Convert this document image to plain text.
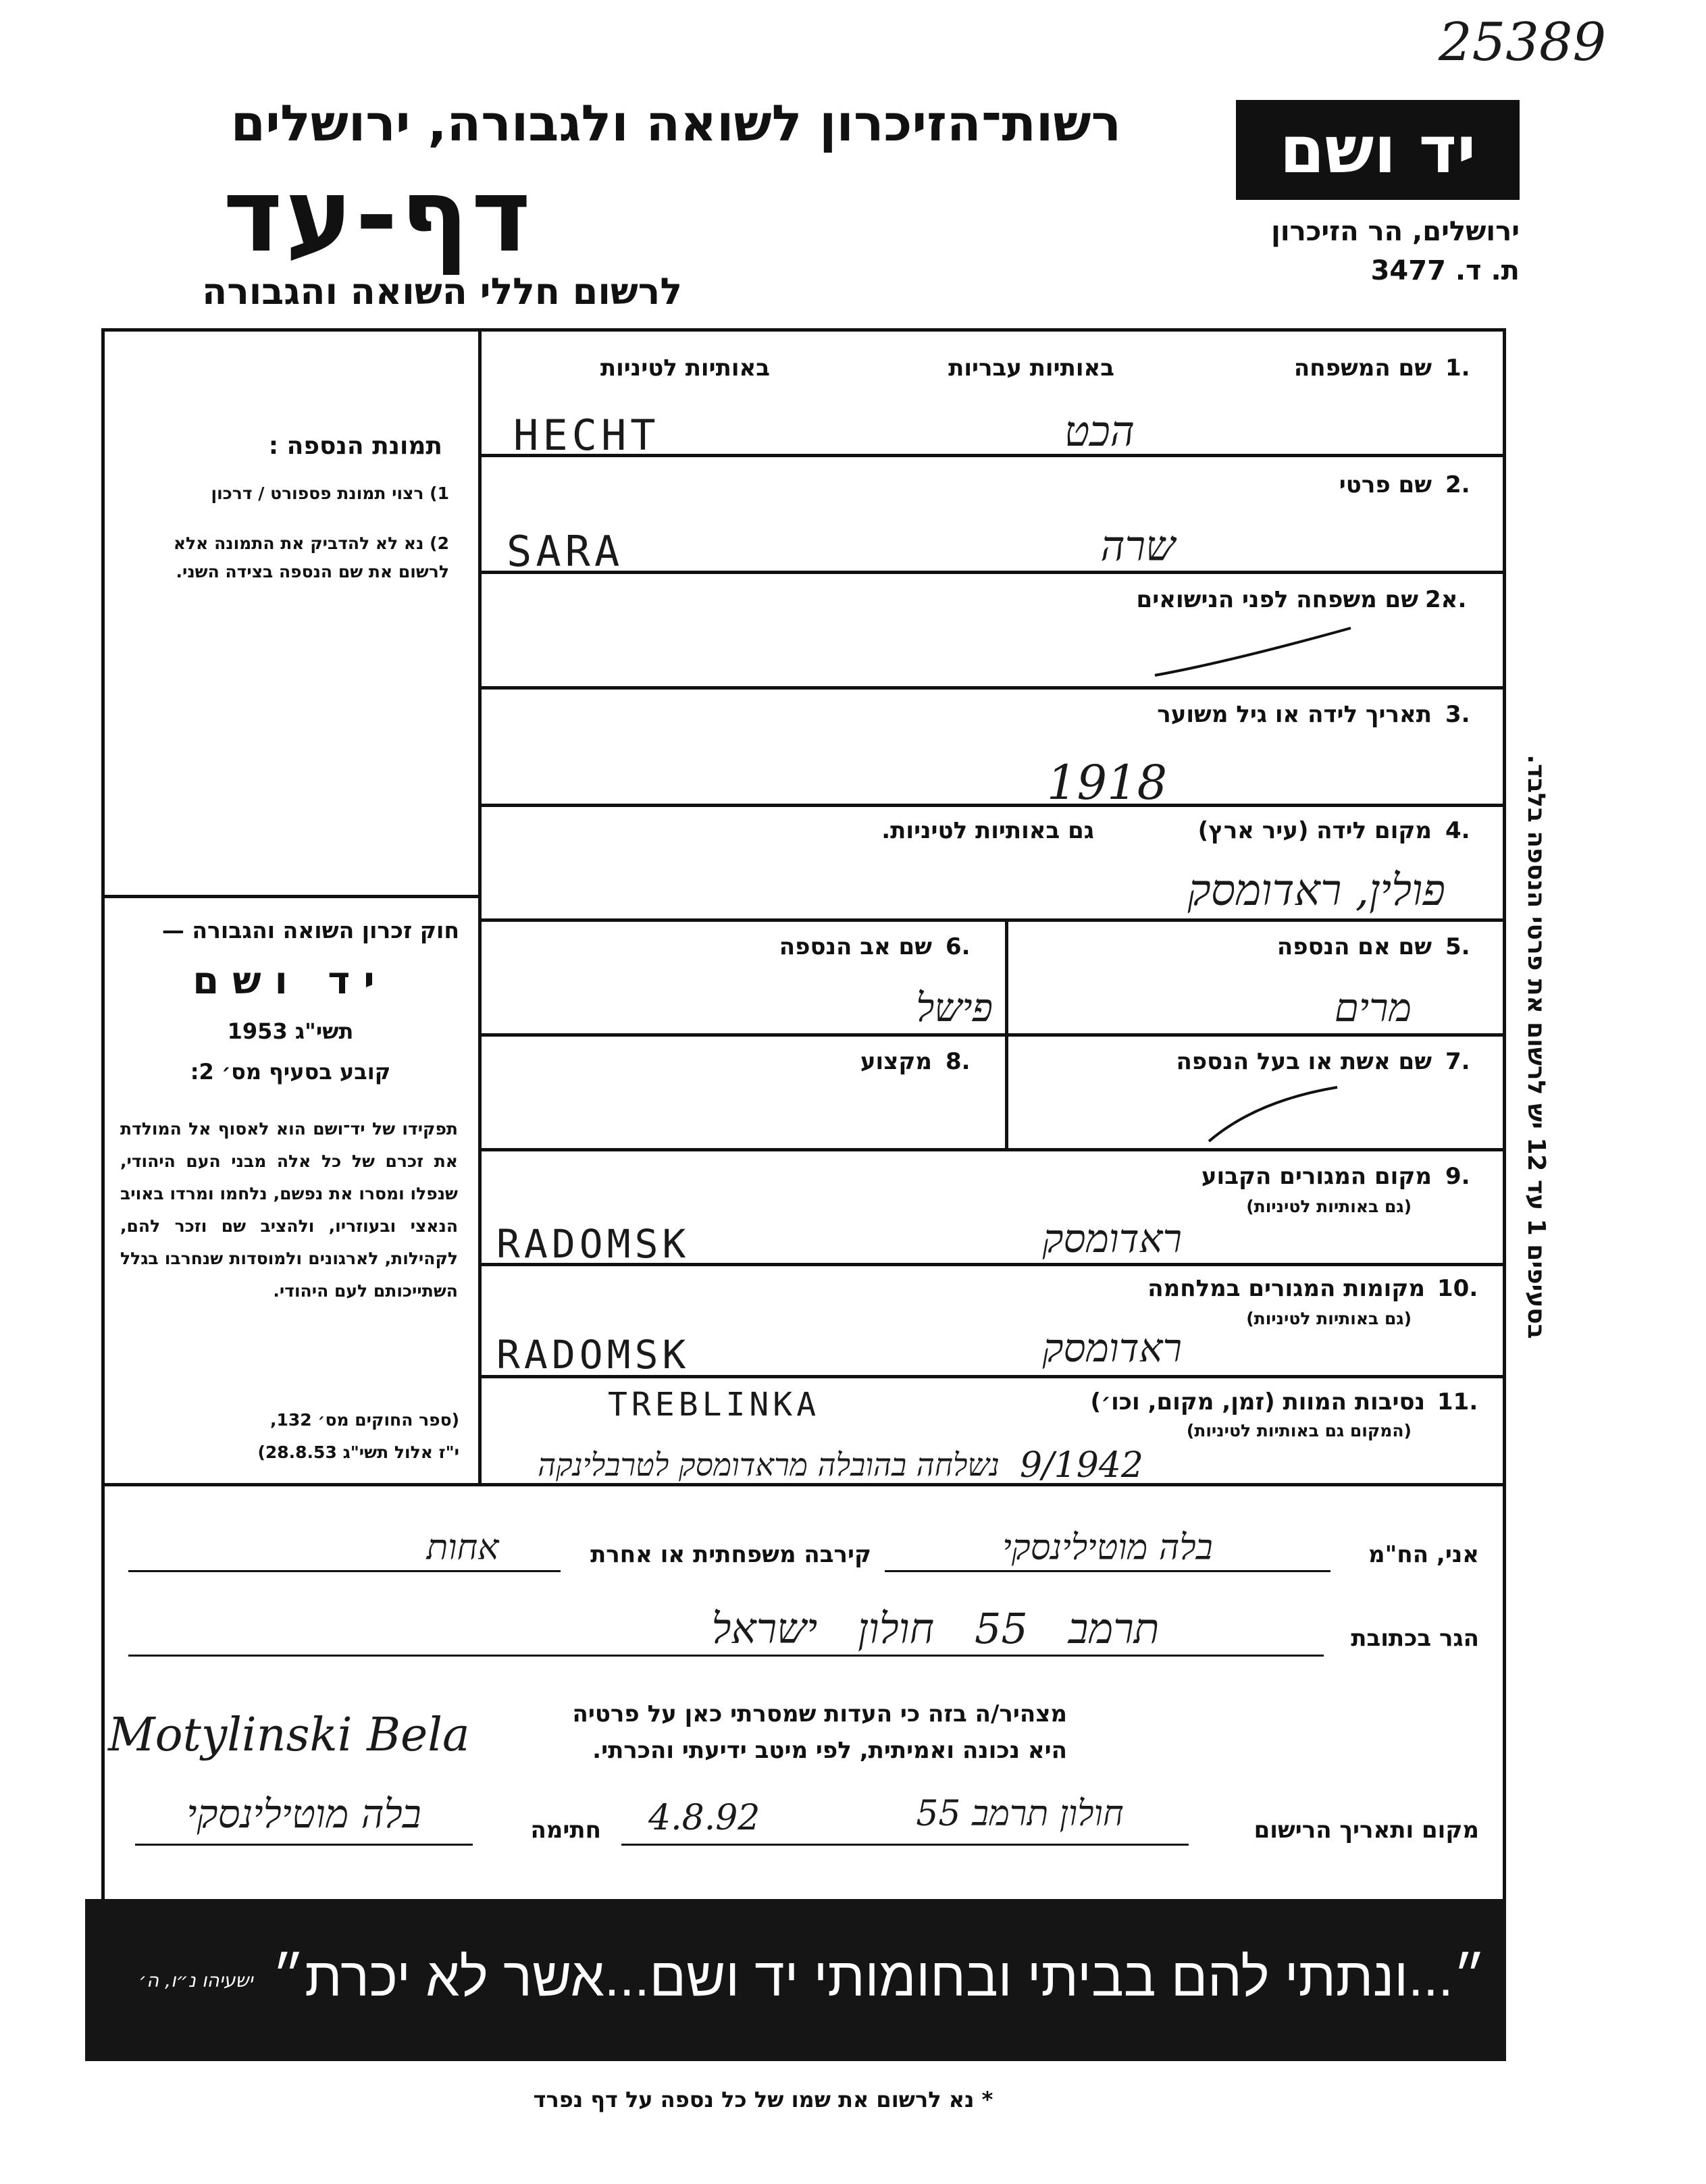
25389
רשות־הזיכרון לשואה ולגבורה, ירושלים
דף-עד
לרשום חללי השואה והגבורה
יד ושם
ירושלים, הר הזיכרון
ת. ד. 3477
בסעיפים 1 עד 12 יש לרשום את פרטי הנספה בלבד.
תמונת הנספה :
1) רצוי תמונת פספורט / דרכון
2) נא לא להדביק את התמונה אלא לרשום את שם הנספה בצידה השני.
חוק זכרון השואה והגבורה —
יד ושם
תשי"ג 1953
קובע בסעיף מס׳ 2:
תפקידו של יד־ושם הוא לאסוף אל המולדת את זכרם של כל אלה מבני העם היהודי, שנפלו ומסרו את נפשם, נלחמו ומרדו באויב הנאצי ובעוזריו, ולהציב שם וזכר להם, לקהילות, לארגונים ולמוסדות שנחרבו בגלל השתייכותם לעם היהודי.
(ספר החוקים מס׳ 132,
י"ז אלול תשי"ג 28.8.53)
1.
שם המשפחה
באותיות עבריות
באותיות לטיניות
HECHT	הכט
2.
שם פרטי
SARA	שרה
2א.
שם משפחה לפני הנישואים
3.
תאריך לידה או גיל משוער
1918
4.
מקום לידה (עיר ארץ)
גם באותיות לטיניות.
פולין, ראדומסק
5.
שם אם הנספה
מרים
6.
שם אב הנספה
פישל
7.
שם אשת או בעל הנספה
8.
מקצוע
9.
מקום המגורים הקבוע
(גם באותיות לטיניות)
RADOMSK	ראדומסק
10.
מקומות המגורים במלחמה
(גם באותיות לטיניות)
RADOMSK	ראדומסק
11.
נסיבות המוות (זמן, מקום, וכו׳)
(המקום גם באותיות לטיניות)
TREBLINKA
9/1942
נשלחה בהובלה מראדומסק לטרבלינקה
אני, הח"מ
בלה מוטילינסקי
קירבה משפחתית או אחרת
אחות
הגר בכתובת
תרמב 55 חולון ישראל
מצהיר/ה בזה כי העדות שמסרתי כאן על פרטיה
היא נכונה ואמיתית, לפי מיטב ידיעתי והכרתי.
Motylinski Bela
מקום ותאריך הרישום
חולון תרמב 55
4.8.92
חתימה
בלה מוטילינסקי
״...ונתתי להם בביתי ובחומותי יד ושם...אשר לא יכרת״
ישעיהו נ״ו, ה׳
* נא לרשום את שמו של כל נספה על דף נפרד
